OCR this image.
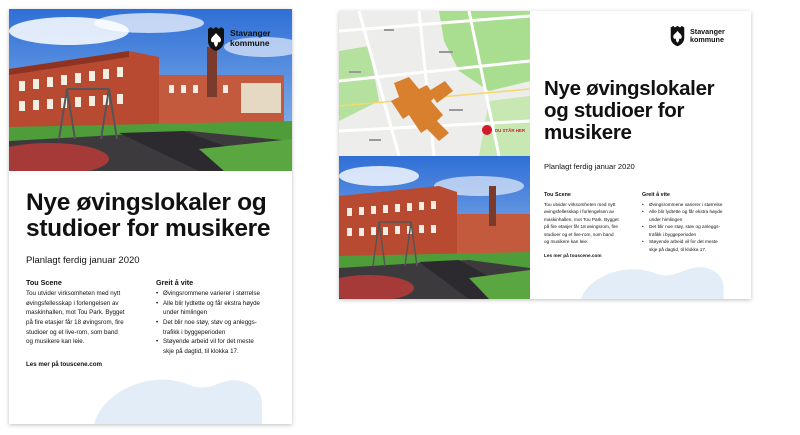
Stavanger
kommune
Nye øvingslokaler og
studioer for musikere

Planlagt ferdig januar 2020

Tou Scene

Tou utvider virksomheten med nytt
øvingsfellesskap i forlengelsen av
maskinhallen, mot Tou Park. Bygget
på fire etasjer får 18 øvingsrom, fire
studioer og et live-rom, som band
og musikere kan leie.

Les mer på touscene.com
Greit å vite
• Øvingsrommene varierer i størrelse
• Alle blir lydtette og får ekstra høyde
under himlingen
• Det blir noe støy, støv og anleggs-
trafikk i byggeperioden
• Støyende arbeid vil for det meste
skje på dagtid, til klokka 17.
DU STÅR HER
Stavanger
kommune
Nye øvingslokaler
og studioer for
musikere

Planlagt ferdig januar 2020

Tou Scene

Tou utvider virksomheten med nytt
øvingsfellesskap i forlengelsen av
maskinhallen, mot Tou Park. Bygget
på fire etasjer får 18 øvingsrom, fire
studioer og et live-rom, som band
og musikere kan leie.

Les mer på touscene.com
Greit å vite
• Øvingsrommene varierer i størrelse
• Alle blir lydtette og får ekstra høyde
under himlingen
• Det blir noe støy, støv og anleggs-
trafikk i byggeperioden
• Støyende arbeid vil for det meste
skje på dagtid, til klokka 17.
